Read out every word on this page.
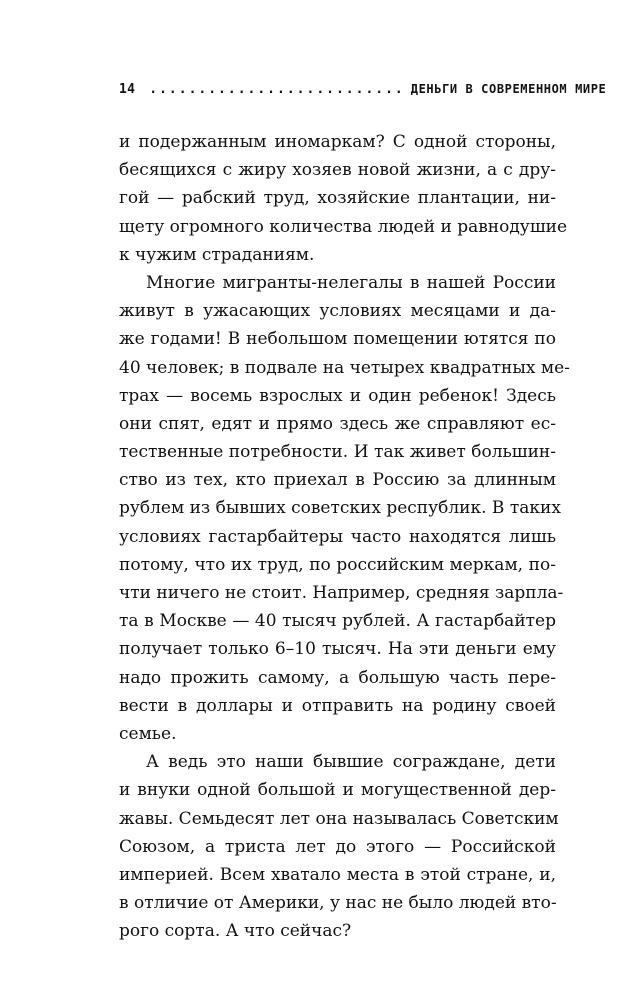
14 .......................... ДЕНЬГИ В СОВРЕМЕННОМ МИРЕ
и подержанным иномаркам? С одной стороны,
бесящихся с жиру хозяев новой жизни, а с дру-
гой — рабский труд, хозяйские плантации, ни-
щету огромного количества людей и равнодушие
к чужим страданиям.
Многие мигранты-нелегалы в нашей России
живут в ужасающих условиях месяцами и да-
же годами! В небольшом помещении ютятся по
40 человек; в подвале на четырех квадратных ме-
трах — восемь взрослых и один ребенок! Здесь
они спят, едят и прямо здесь же справляют ес-
тественные потребности. И так живет большин-
ство из тех, кто приехал в Россию за длинным
рублем из бывших советских республик. В таких
условиях гастарбайтеры часто находятся лишь
потому, что их труд, по российским меркам, по-
чти ничего не стоит. Например, средняя зарпла-
та в Москве — 40 тысяч рублей. А гастарбайтер
получает только 6–10 тысяч. На эти деньги ему
надо прожить самому, а большую часть пере-
вести в доллары и отправить на родину своей
семье.
А ведь это наши бывшие сограждане, дети
и внуки одной большой и могущественной дер-
жавы. Семьдесят лет она называлась Советским
Союзом, а триста лет до этого — Российской
империей. Всем хватало места в этой стране, и,
в отличие от Америки, у нас не было людей вто-
рого сорта. А что сейчас?
